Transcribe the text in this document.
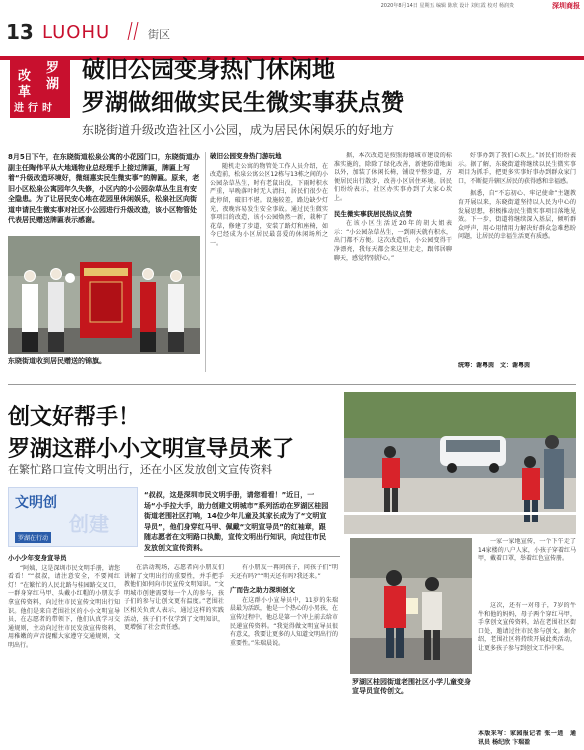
2020年8月14日 星期五 编辑 陈欣 设计 刘红霞 校对 杨润贵	深圳商报
13 LUOHU	街区
罗
湖
改
革
进 行 时
破旧公园变身热门休闲地
罗湖做细做实民生微实事获点赞
东晓街道升级改造社区小公园，成为居民休闲娱乐的好地方
8月5日下午，在东晓街道松泉公寓的小花园门口，东晓街道办副主任陶伟平从大地通物业总经理手上接过牌匾，牌匾上写着“升级改造环境好，微细惠实民生微实事”的牌匾。原来，老旧小区松泉公寓园年久失修，小区内的小公园杂草丛生且有安全隐患。为了让居民安心地在花园里休闲娱乐，松泉社区向街道申请民生微实事对社区小公园进行升级改造，该小区物管处代表居民赠送牌匾表示感谢。
东晓街道收到居民赠送的锦旗。
破旧公园变身热门游玩地
随机走公寓的物管处工作人员介绍，在改造前，松泉公寓公区12栋与13栋之间的小公园杂草丛生，时有老鼠出没，下雨时积水严重，早晚落叶时无人清扫，居民们很少在此停留，破旧不堪。设施较差，路边缺少灯光，夜晚容易发生安全事故。通过民生微实事项目的改造，该小公园焕然一新，栽种了花草，修建了步道，安装了路灯和座椅，如今已经成为小区居民最喜爱的休闲场所之一。
据，本次改造是按照海德城市建设的标准实施的，除除了绿化改善，新建防滑地面以外，加装了休闲长椅，铺设平整步道，方便居民出行散步，改善小区居住环境。居民们纷纷表示，社区办实事办到了大家心坎上。
民生微实事获居民热议点赞
在该小区生活近20年的胡大姐表示：“小公园杂草丛生，一到雨天就有积水，出门都不方便。这次改造后，小公园变得干净漂亮，我每天都会来这里走走，跟邻居聊聊天，感觉特别舒心。”
好事办到了我们心坎上。”居民们纷纷表示。据了解，东晓街道将继续以民生微实事项目为抓手，把更多实事好事办到群众家门口，不断提升辖区居民的获得感和幸福感。
据悉，自“不忘初心、牢记使命”主题教育开展以来，东晓街道坚持以人民为中心的发展思想，积极推动民生微实事项目落地见效。下一步，街道将继续深入基层，倾听群众呼声，用心用情用力解决好群众急难愁盼问题，让居民的幸福生活更有质感。
统筹：谢粤茵　文：谢粤茵
创文好帮手！
罗湖这群小小文明宣导员来了
在繁忙路口宣传文明出行，还在小区发放创文宣传资料
文明创
创建
罗湖在行动
“叔叔，这是深圳市民文明手册，请您看看！”近日，一场“小手拉大手，助力创建文明城市”系列活动在罗湖区桂园街道老围社区打响，14位少年儿童及其家长成为了“文明宣导员”，他们身穿红马甲、佩戴“文明宣导员”的红袖章，跟随志愿者在文明路口执勤，宣传文明出行知识，向过往市民发放创文宣传资料。
小小少年变身宣导员
“阿姨，这是深圳市民文明手册，请您看看！”“叔叔，请注意安全，不要闯红灯！”在繁忙的人民北路与桂园路交叉口，一群身穿红马甲、头戴小红帽的小朋友手拿宣传资料，向过往市民宣传文明出行知识。他们是来自老围社区的小小文明宣导员，在志愿者的带领下，他们认真学习交通规则，主动向过往市民发放宣传资料，用稚嫩的声音提醒大家遵守交通规则，文明出行。
在活动现场，志愿者向小朋友们讲解了文明出行的重要性，并手把手教他们如何向市民宣传文明知识。“文明城市创建需要每一个人的参与，孩子们的参与让创文更有温度。”老围社区相关负责人表示，通过这样的实践活动，孩子们不仅学到了文明知识，更增强了社会责任感。
有小朋友一再问孩子，问孩子们“明天还有吗?”“明天还有吗?我还来。”
广而告之助力深圳创文
在这群小小宣导员中，11岁的朱瑞晨最为活跃，他是一个热心的小男孩，在宣传过程中，他总是第一个冲上前去给市民递宣传资料。“我觉得做文明宣导员很有意义，我要让更多的人知道文明出行的重要性。”朱瑞晨说。
罗湖区桂园街道老围社区小学儿童变身宣导员宣传创文。
一家一家地宣传，一个下午走了14家楼的八户人家，小孩子穿着红马甲，戴着口罩，举着红色宣传册。
这次，还有一对母子，7岁的牛牛和他的妈妈，母子两个穿红马甲，手拿创文宣传资料，站在老围社区街口处，邀请过往市民参与创文。据介绍，老围社区将持续开展此类活动，让更多孩子参与到创文工作中来。
本版采写：家园报记者 张一逍　通讯员 杨纪欣 卞瑞盈
